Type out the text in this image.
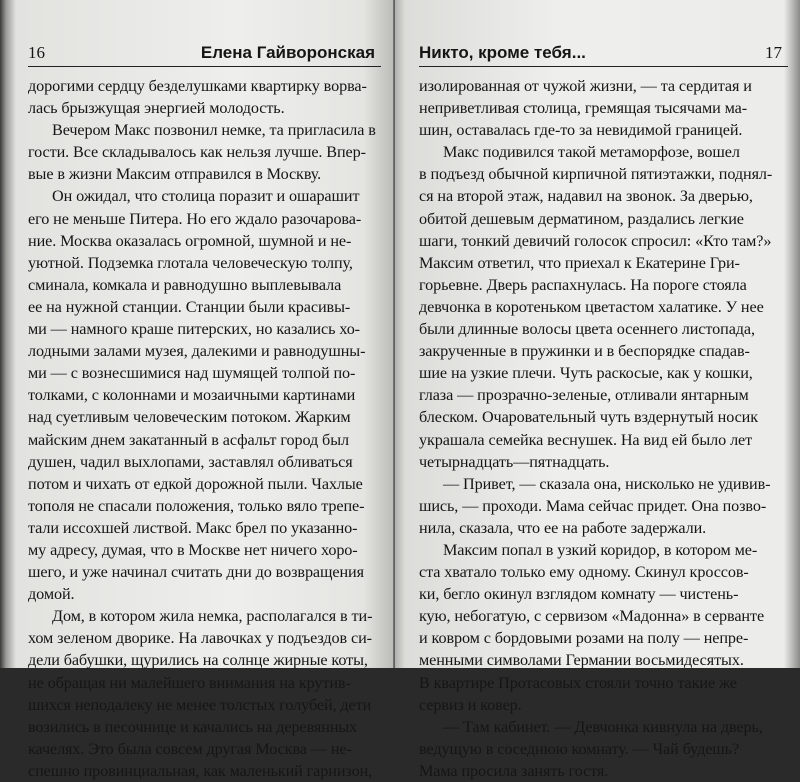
16	Елена Гайворонская
дорогими сердцу безделушками квартирку ворва-
лась брызжущая энергией молодость.
Вечером Макс позвонил немке, та пригласила в
гости. Все складывалось как нельзя лучше. Впер-
вые в жизни Максим отправился в Москву.
Он ожидал, что столица поразит и ошарашит
его не меньше Питера. Но его ждало разочарова-
ние. Москва оказалась огромной, шумной и не-
уютной. Подземка глотала человеческую толпу,
сминала, комкала и равнодушно выплевывала
ее на нужной станции. Станции были красивы-
ми — намного краше питерских, но казались хо-
лодными залами музея, далекими и равнодушны-
ми — с вознесшимися над шумящей толпой по-
толками, с колоннами и мозаичными картинами
над суетливым человеческим потоком. Жарким
майским днем закатанный в асфальт город был
душен, чадил выхлопами, заставлял обливаться
потом и чихать от едкой дорожной пыли. Чахлые
тополя не спасали положения, только вяло трепе-
тали иссохшей листвой. Макс брел по указанно-
му адресу, думая, что в Москве нет ничего хоро-
шего, и уже начинал считать дни до возвращения
домой.
Дом, в котором жила немка, располагался в ти-
хом зеленом дворике. На лавочках у подъездов си-
дели бабушки, щурились на солнце жирные коты,
не обращая ни малейшего внимания на крутив-
шихся неподалеку не менее толстых голубей, дети
возились в песочнице и качались на деревянных
качелях. Это была совсем другая Москва — не-
спешно провинциальная, как маленький гарнизон,
Никто, кроме тебя...	17
изолированная от чужой жизни, — та сердитая и
неприветливая столица, гремящая тысячами ма-
шин, оставалась где-то за невидимой границей.
Макс подивился такой метаморфозе, вошел
в подъезд обычной кирпичной пятиэтажки, поднял-
ся на второй этаж, надавил на звонок. За дверью,
обитой дешевым дерматином, раздались легкие
шаги, тонкий девичий голосок спросил: «Кто там?»
Максим ответил, что приехал к Екатерине Гри-
горьевне. Дверь распахнулась. На пороге стояла
девчонка в коротеньком цветастом халатике. У нее
были длинные волосы цвета осеннего листопада,
закрученные в пружинки и в беспорядке спадав-
шие на узкие плечи. Чуть раскосые, как у кошки,
глаза — прозрачно-зеленые, отливали янтарным
блеском. Очаровательный чуть вздернутый носик
украшала семейка веснушек. На вид ей было лет
четырнадцать—пятнадцать.
— Привет, — сказала она, нисколько не удивив-
шись, — проходи. Мама сейчас придет. Она позво-
нила, сказала, что ее на работе задержали.
Максим попал в узкий коридор, в котором ме-
ста хватало только ему одному. Скинул кроссов-
ки, бегло окинул взглядом комнату — чистень-
кую, небогатую, с сервизом «Мадонна» в серванте
и ковром с бордовыми розами на полу — непре-
менными символами Германии восьмидесятых.
В квартире Протасовых стояли точно такие же
сервиз и ковер.
— Там кабинет. — Девчонка кивнула на дверь,
ведущую в соседнюю комнату. — Чай будешь?
Мама просила занять гостя.
